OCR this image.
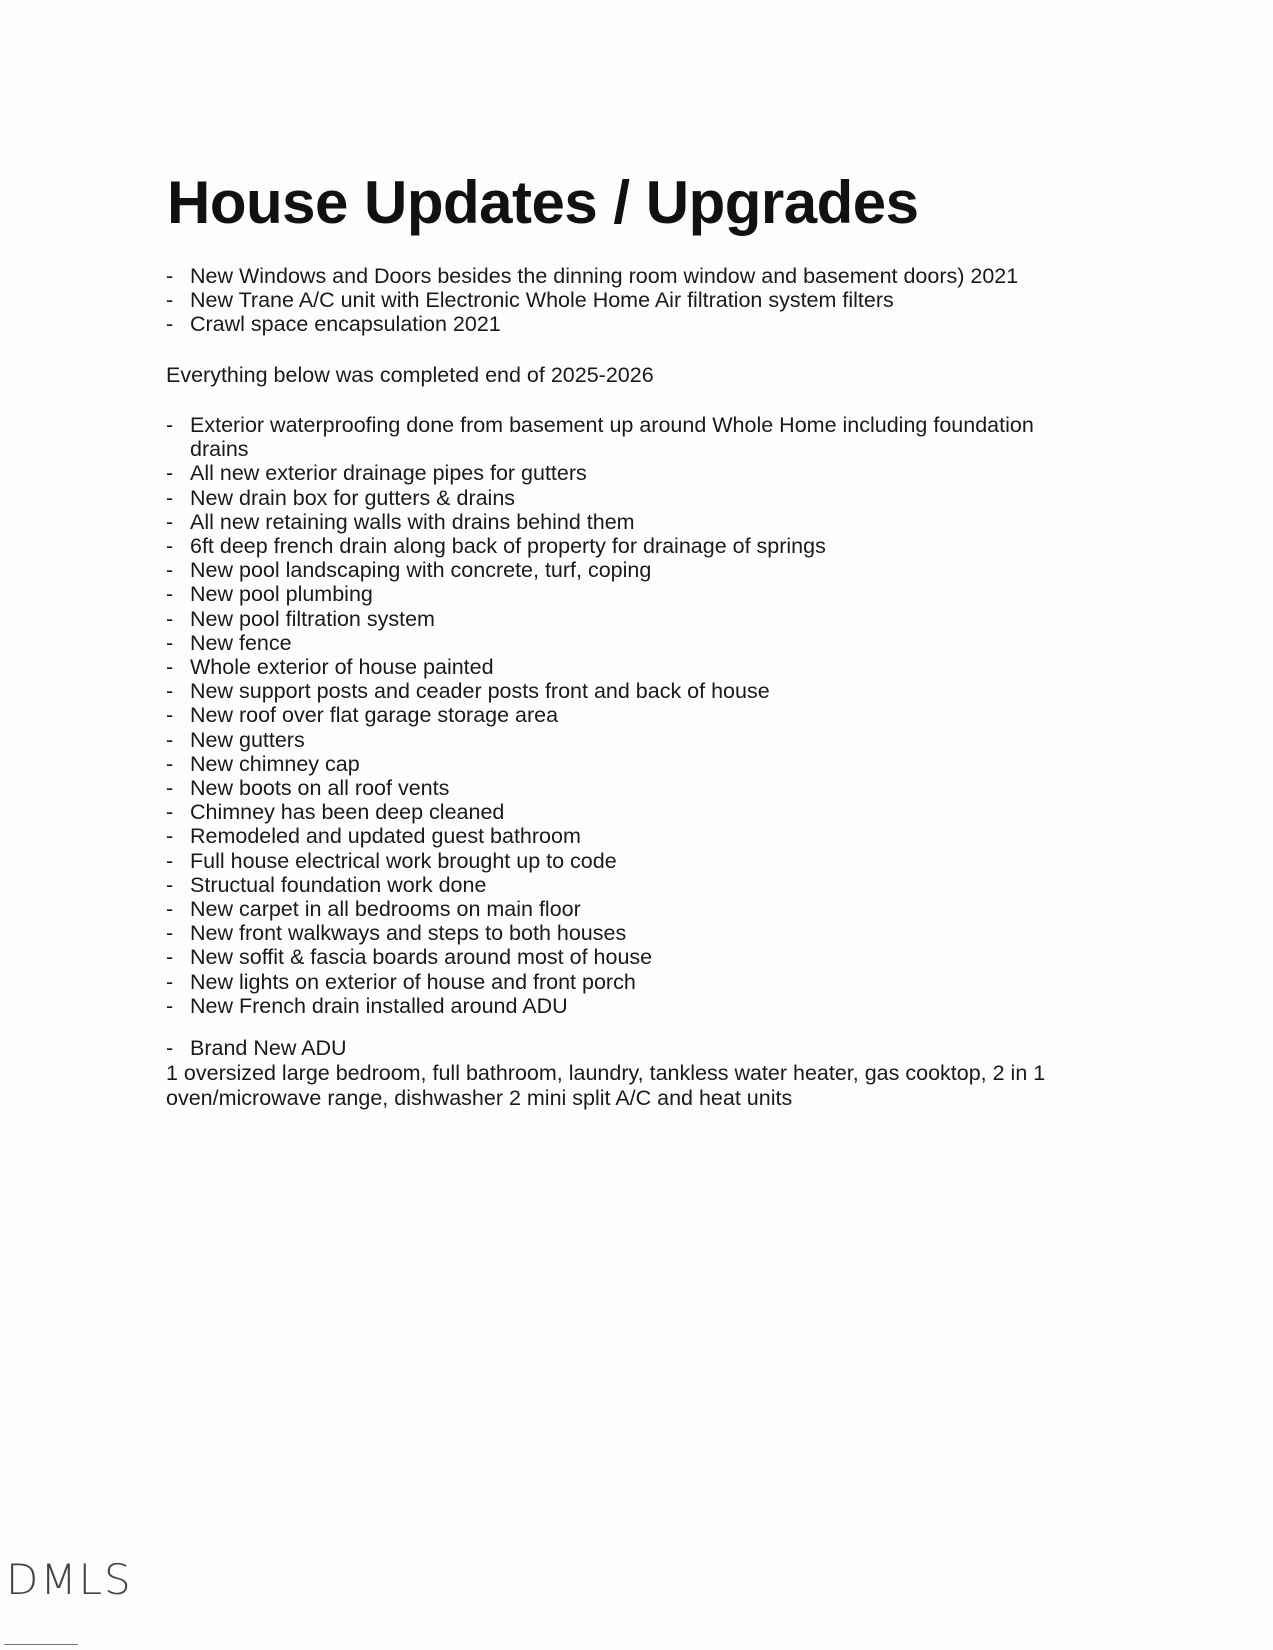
House Updates / Upgrades
- New Windows and Doors besides the dinning room window and basement doors) 2021
- New Trane A/C unit with Electronic Whole Home Air filtration system filters
- Crawl space encapsulation 2021

Everything below was completed end of 2025-2026

- Exterior waterproofing done from basement up around Whole Home including foundation drains
- All new exterior drainage pipes for gutters
- New drain box for gutters & drains
- All new retaining walls with drains behind them
- 6ft deep french drain along back of property for drainage of springs
- New pool landscaping with concrete, turf, coping
- New pool plumbing
- New pool filtration system
- New fence
- Whole exterior of house painted
- New support posts and ceader posts front and back of house
- New roof over flat garage storage area
- New gutters
- New chimney cap
- New boots on all roof vents
- Chimney has been deep cleaned
- Remodeled and updated guest bathroom
- Full house electrical work brought up to code
- Structual foundation work done
- New carpet in all bedrooms on main floor
- New front walkways and steps to both houses
- New soffit & fascia boards around most of house
- New lights on exterior of house and front porch
- New French drain installed around ADU
- Brand New ADU

1 oversized large bedroom, full bathroom, laundry, tankless water heater, gas cooktop, 2 in 1 oven/microwave range, dishwasher 2 mini split A/C and heat units

DMLS
